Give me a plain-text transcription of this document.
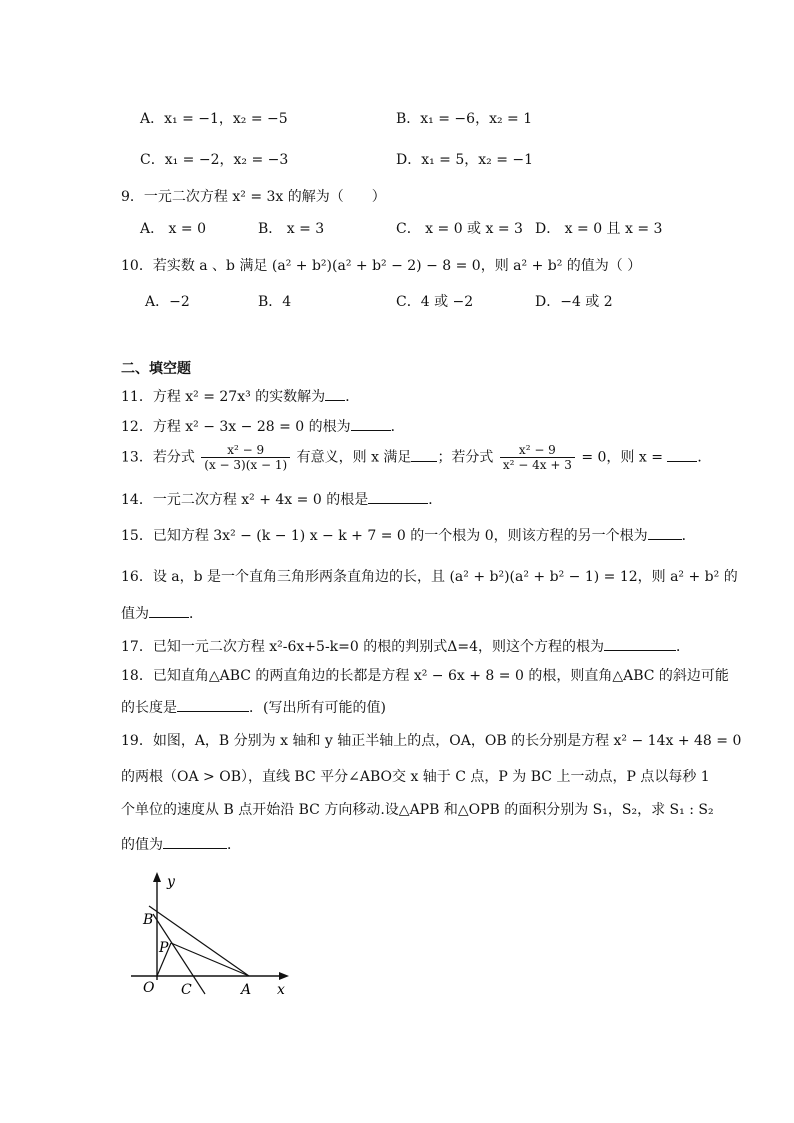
A．x₁ = −1，x₂ = −5	B．x₁ = −6，x₂ = 1
C．x₁ = −2，x₂ = −3	D．x₁ = 5，x₂ = −1
9．一元二次方程 x² = 3x 的解为（　　）
A． x = 0	B． x = 3	C． x = 0 或 x = 3 D． x = 0 且 x = 3
10．若实数 a 、b 满足 (a² + b²)(a² + b² − 2) − 8 = 0，则 a² + b² 的值为（ ）
A．−2	B．4	C．4 或 −2	D．−4 或 2
二、填空题
11．方程 x² = 27x³ 的实数解为 ．
12．方程 x² − 3x − 28 = 0 的根为	．
13．若分式 $\frac{\text{x² − 9}}{(x - 3)(x - 1)}$ 有意义，则 x 满足 ；若分式 $\frac{\text{x² − 9}}{\text{x² − 4x + 3}} = 0$，则 x = ．
14．一元二次方程 x² + 4x = 0 的根是	．
15．已知方程 3x² − (k − 1) x − k + 7 = 0 的一个根为 0，则该方程的另一个根为 ．
16．设 a，b 是一个直角三角形两条直角边的长，且 (a² + b²)(a² + b² − 1) = 12，则 a² + b² 的
值为	．
17．已知一元二次方程 x²-6x+5-k=0 的根的判别式Δ=4，则这个方程的根为	．
18．已知直角△ABC 的两直角边的长都是方程 x² − 6x + 8 = 0 的根，则直角△ABC 的斜边可能
的长度是	．(写出所有可能的值)
19．如图，A，B 分别为 x 轴和 y 轴正半轴上的点，OA，OB 的长分别是方程 x² − 14x + 48 = 0
的两根（OA > OB），直线 BC 平分∠ABO交 x 轴于 C 点，P 为 BC 上一动点，P 点以每秒 1
个单位的速度从 B 点开始沿 BC 方向移动.设△APB 和△OPB 的面积分别为 S₁，S₂，求 S₁ : S₂
的值为	．
y
x
B
P
O C	A
